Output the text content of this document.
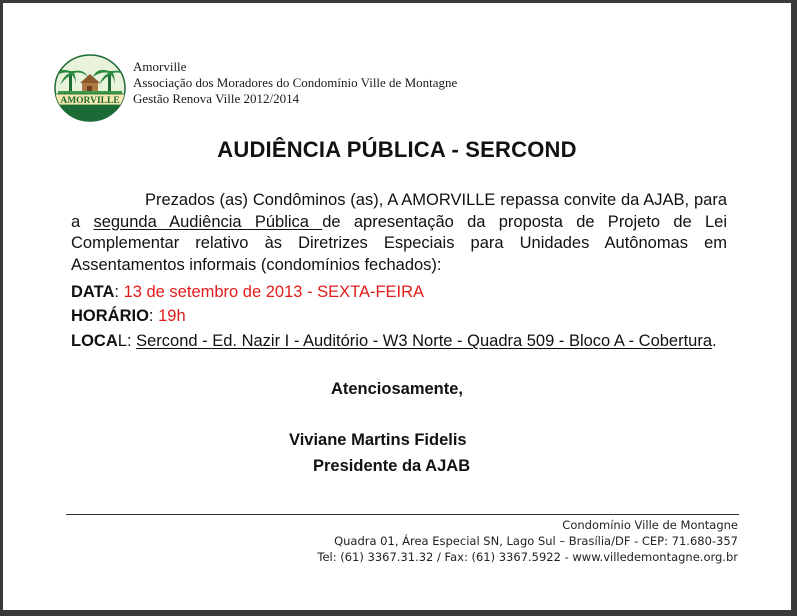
AMORVILLE
Amorville
Associação dos Moradores do Condomínio Ville de Montagne
Gestão Renova Ville 2012/2014
AUDIÊNCIA PÚBLICA - SERCOND
Prezados (as) Condôminos (as), A AMORVILLE repassa convite da AJAB, para a segunda Audiência Pública de apresentação da proposta de Projeto de Lei Complementar relativo às Diretrizes Especiais para Unidades Autônomas em Assentamentos informais (condomínios fechados):
DATA: 13 de setembro de 2013 - SEXTA-FEIRA
HORÁRIO: 19h
LOCAL: Sercond - Ed. Nazir I - Auditório - W3 Norte - Quadra 509 - Bloco A - Cobertura.
Atenciosamente,
Viviane Martins Fidelis
Presidente da AJAB
Condomínio Ville de Montagne
Quadra 01, Área Especial SN, Lago Sul – Brasília/DF - CEP: 71.680-357
Tel: (61) 3367.31.32 / Fax: (61) 3367.5922 - www.villedemontagne.org.br
